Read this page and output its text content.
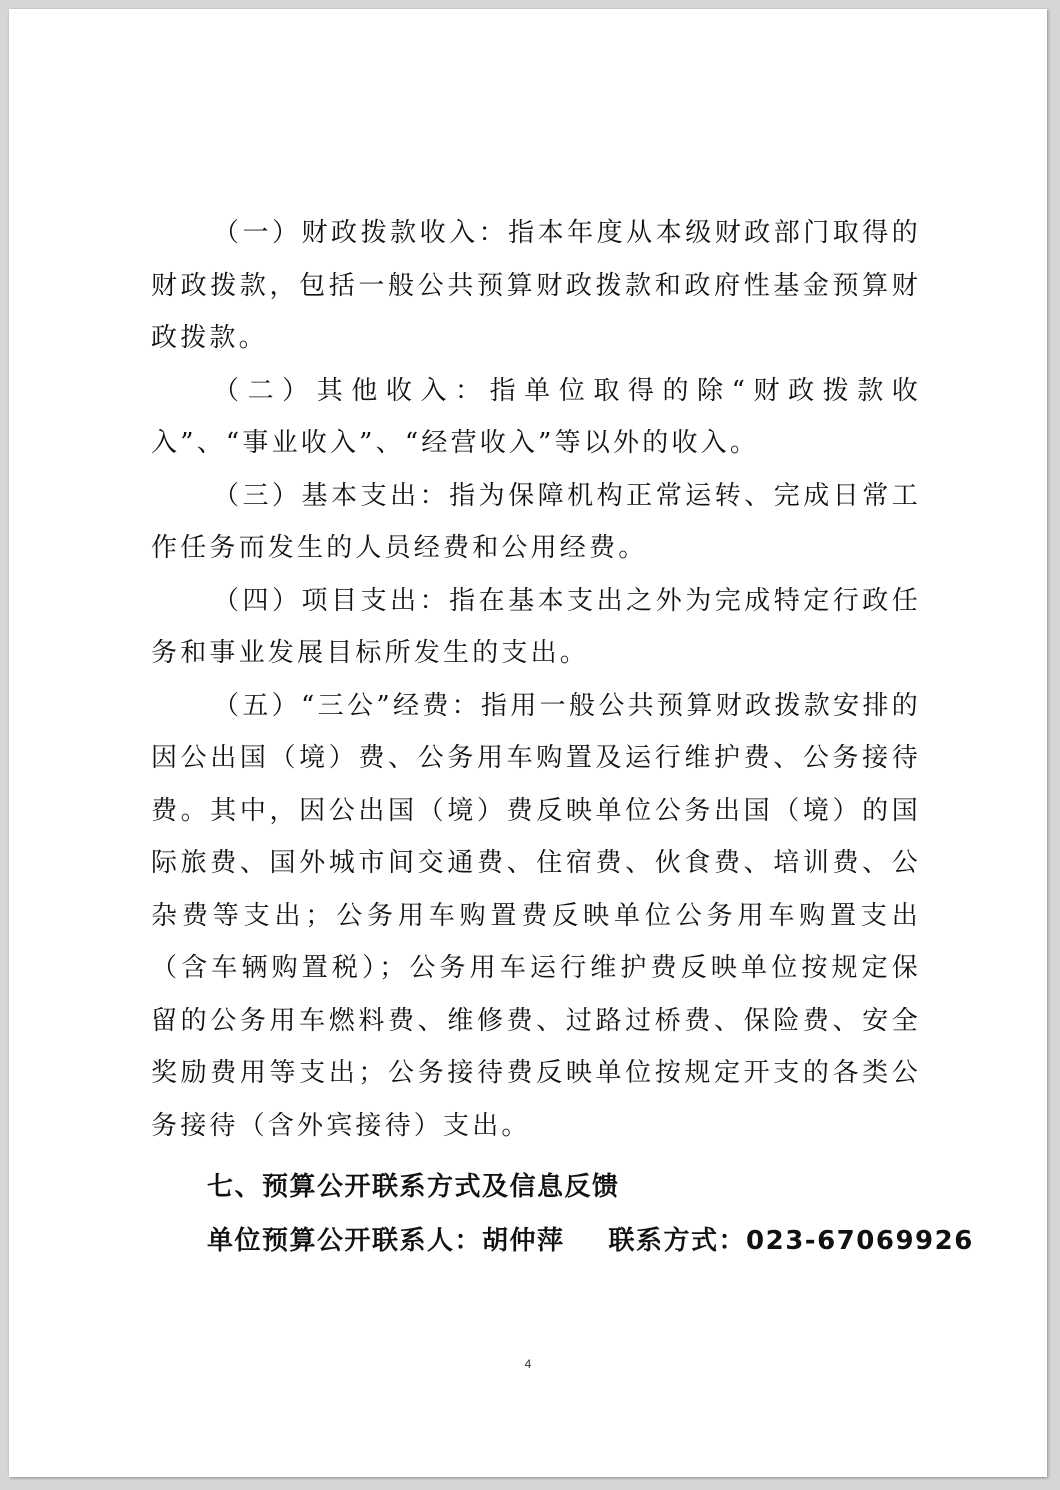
（一）财政拨款收入：指本年度从本级财政部门取得的财政拨款，包括一般公共预算财政拨款和政府性基金预算财政拨款。

（二）其他收入：指单位取得的除“财政拨款收入”、“事业收入”、“经营收入”等以外的收入。

（三）基本支出：指为保障机构正常运转、完成日常工作任务而发生的人员经费和公用经费。

（四）项目支出：指在基本支出之外为完成特定行政任务和事业发展目标所发生的支出。

（五）“三公”经费：指用一般公共预算财政拨款安排的因公出国（境）费、公务用车购置及运行维护费、公务接待费。其中，因公出国（境）费反映单位公务出国（境）的国际旅费、国外城市间交通费、住宿费、伙食费、培训费、公杂费等支出；公务用车购置费反映单位公务用车购置支出（含车辆购置税）；公务用车运行维护费反映单位按规定保留的公务用车燃料费、维修费、过路过桥费、保险费、安全奖励费用等支出；公务接待费反映单位按规定开支的各类公务接待（含外宾接待）支出。

七、预算公开联系方式及信息反馈

单位预算公开联系人：胡仲萍 联系方式：023-67069926

4
